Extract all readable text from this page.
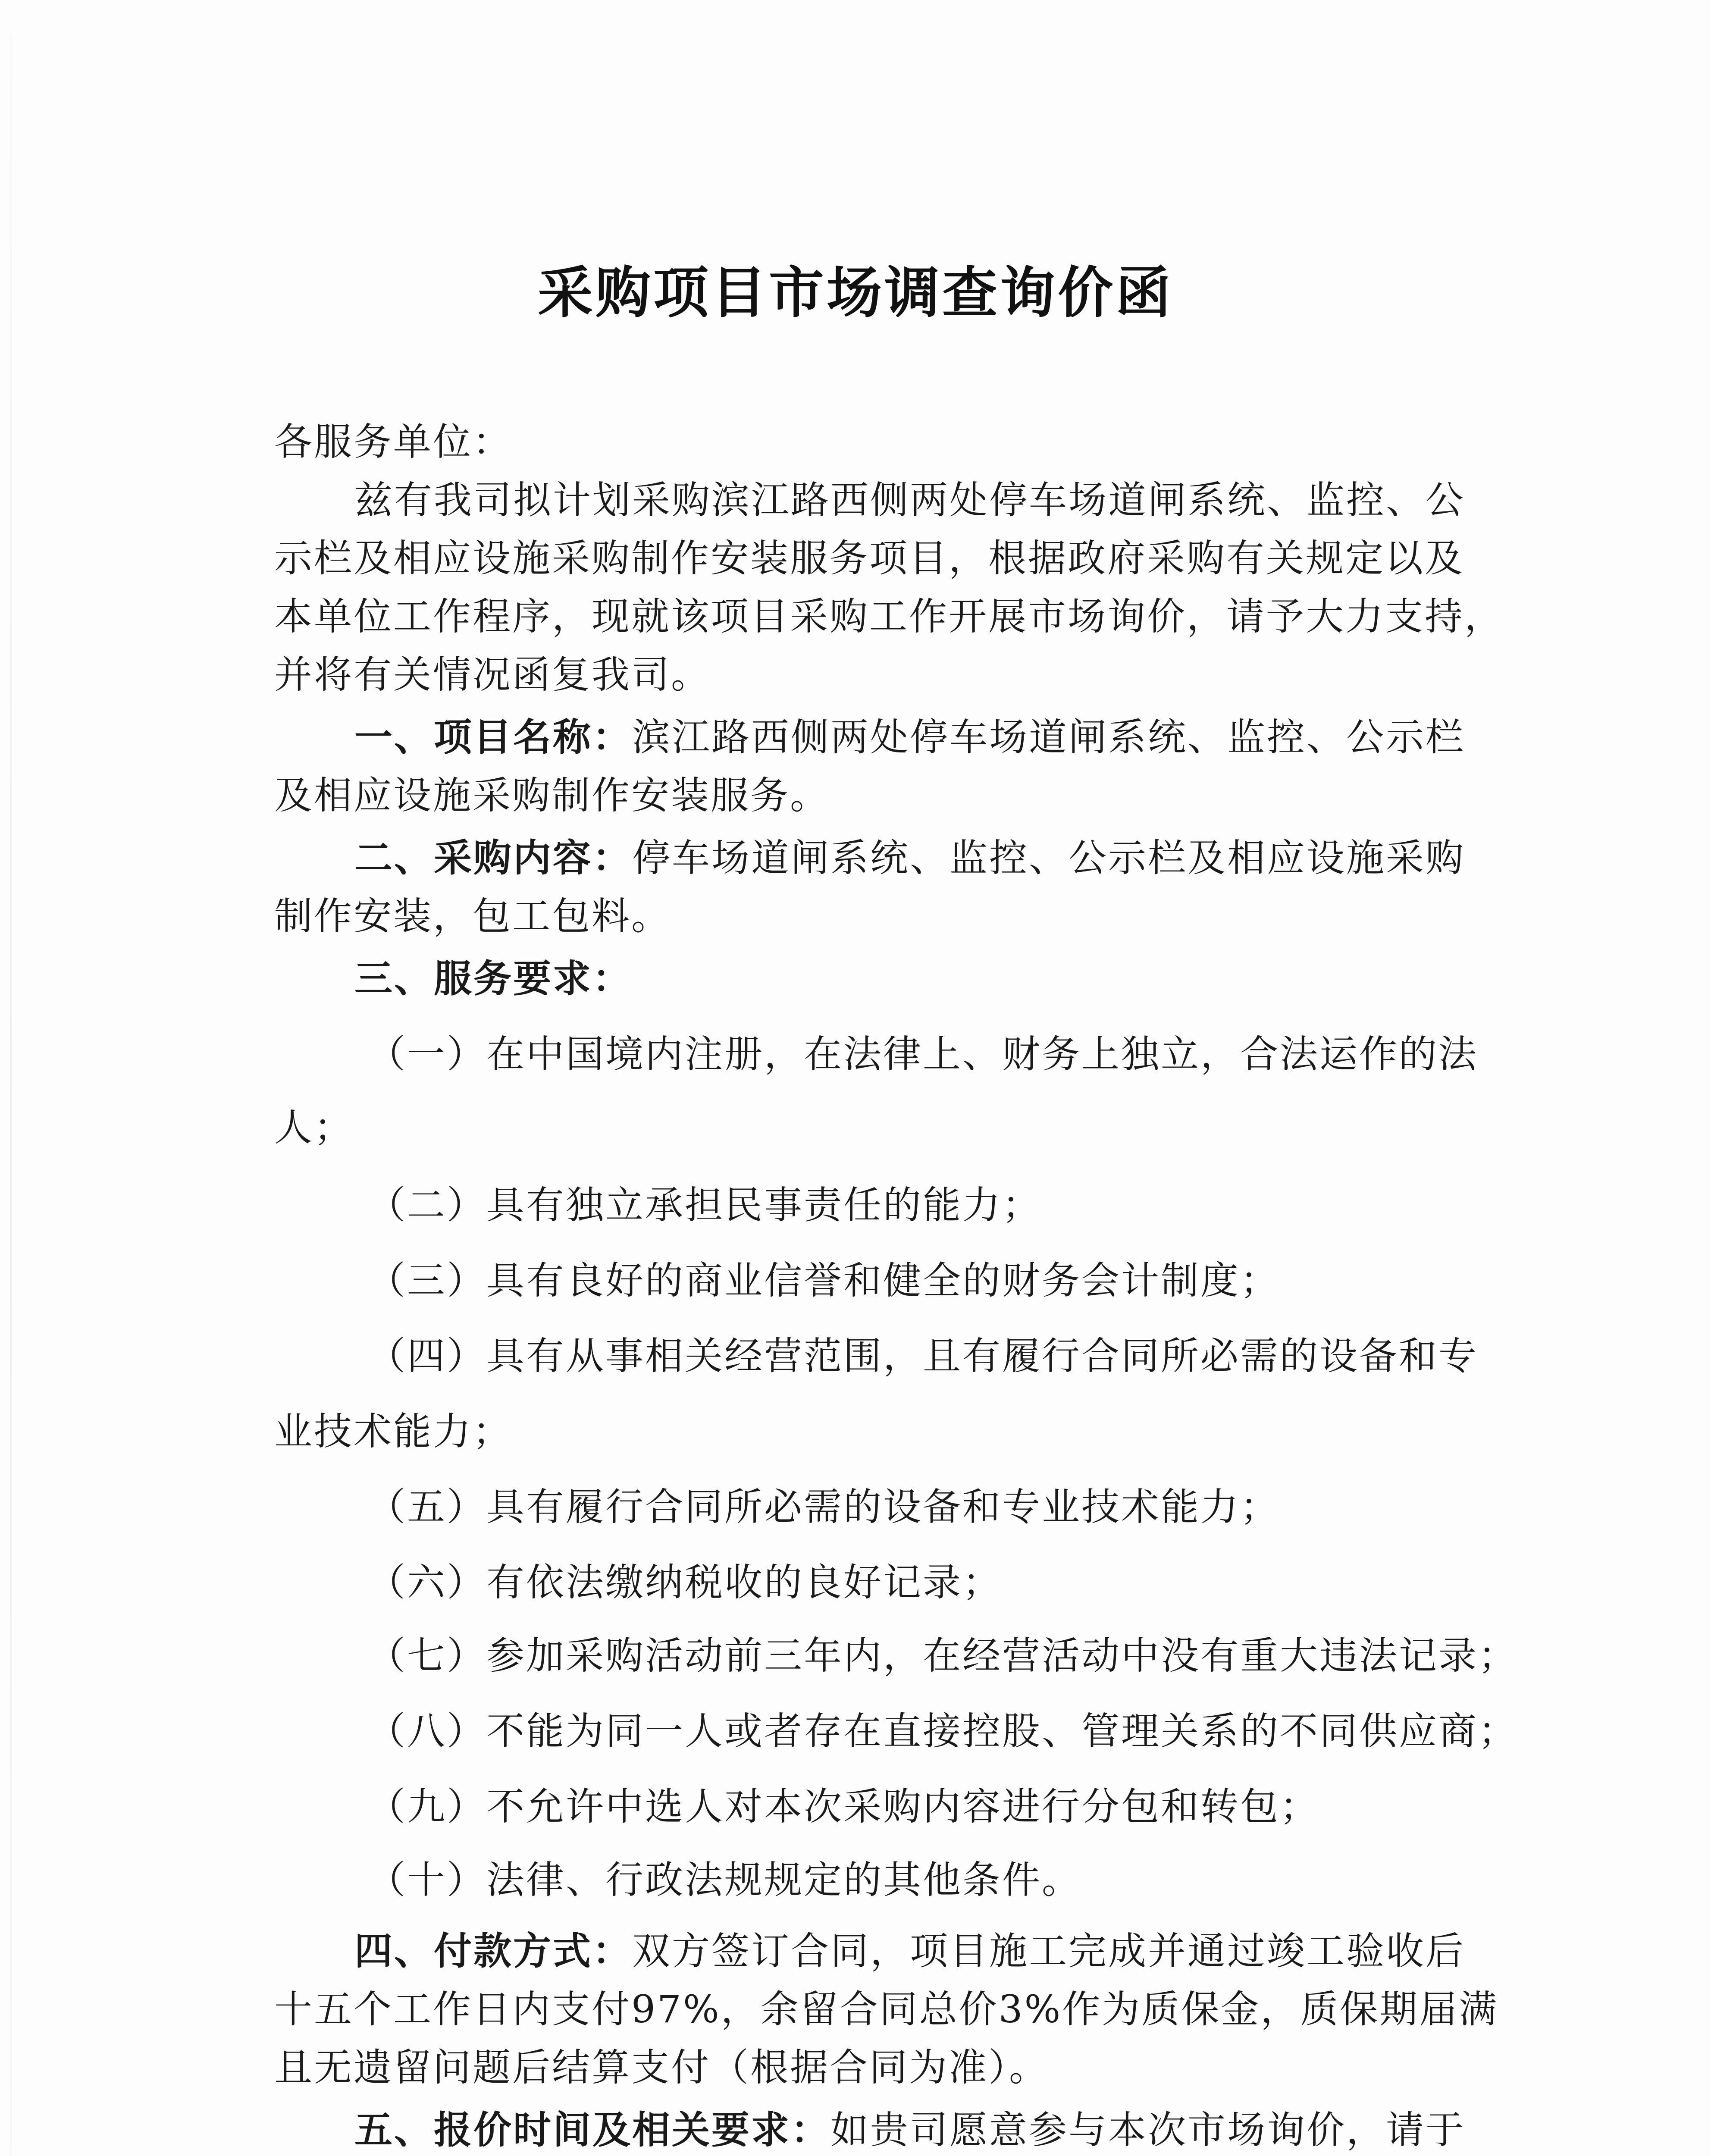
采购项目市场调查询价函
各服务单位：
兹有我司拟计划采购滨江路西侧两处停车场道闸系统、监控、公
示栏及相应设施采购制作安装服务项目，根据政府采购有关规定以及
本单位工作程序，现就该项目采购工作开展市场询价，请予大力支持，
并将有关情况函复我司。
一、项目名称：滨江路西侧两处停车场道闸系统、监控、公示栏
及相应设施采购制作安装服务。
二、采购内容：停车场道闸系统、监控、公示栏及相应设施采购
制作安装，包工包料。
三、服务要求：
（一）在中国境内注册，在法律上、财务上独立，合法运作的法
人；
（二）具有独立承担民事责任的能力；
（三）具有良好的商业信誉和健全的财务会计制度；
（四）具有从事相关经营范围，且有履行合同所必需的设备和专
业技术能力；
（五）具有履行合同所必需的设备和专业技术能力；
（六）有依法缴纳税收的良好记录；
（七）参加采购活动前三年内，在经营活动中没有重大违法记录；
（八）不能为同一人或者存在直接控股、管理关系的不同供应商；
（九）不允许中选人对本次采购内容进行分包和转包；
（十）法律、行政法规规定的其他条件。
四、付款方式：双方签订合同，项目施工完成并通过竣工验收后
十五个工作日内支付97%，余留合同总价3%作为质保金，质保期届满
且无遗留问题后结算支付（根据合同为准）。
五、报价时间及相关要求：如贵司愿意参与本次市场询价，请于
